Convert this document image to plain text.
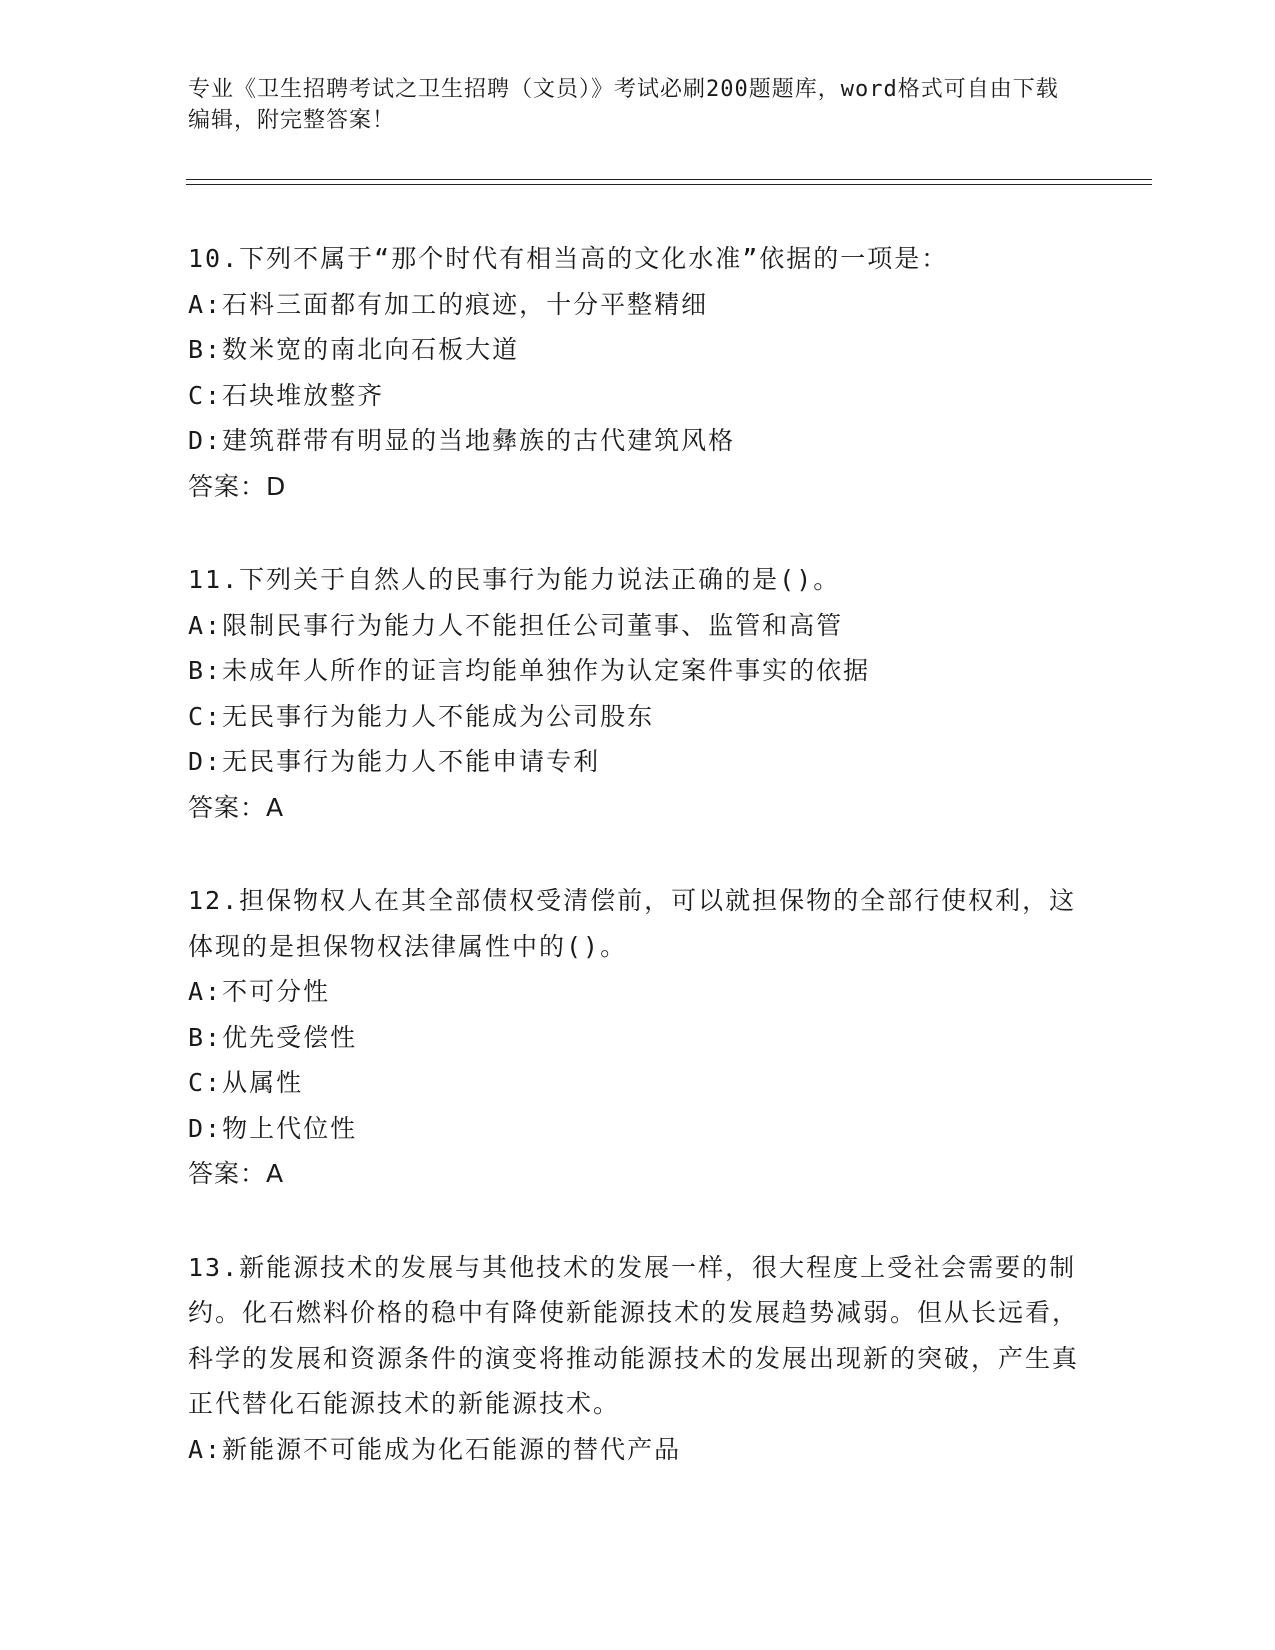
专业《卫生招聘考试之卫生招聘（文员）》考试必刷200题题库，word格式可自由下载编辑，附完整答案！
10.下列不属于“那个时代有相当高的文化水准”依据的一项是：
A:石料三面都有加工的痕迹，十分平整精细
B:数米宽的南北向石板大道
C:石块堆放整齐
D:建筑群带有明显的当地彝族的古代建筑风格
答案：D
11.下列关于自然人的民事行为能力说法正确的是()。
A:限制民事行为能力人不能担任公司董事、监管和高管
B:未成年人所作的证言均能单独作为认定案件事实的依据
C:无民事行为能力人不能成为公司股东
D:无民事行为能力人不能申请专利
答案：A
12.担保物权人在其全部债权受清偿前，可以就担保物的全部行使权利，这体现的是担保物权法律属性中的()。
A:不可分性
B:优先受偿性
C:从属性
D:物上代位性
答案：A
13.新能源技术的发展与其他技术的发展一样，很大程度上受社会需要的制约。化石燃料价格的稳中有降使新能源技术的发展趋势减弱。但从长远看，科学的发展和资源条件的演变将推动能源技术的发展出现新的突破，产生真正代替化石能源技术的新能源技术。
A:新能源不可能成为化石能源的替代产品
